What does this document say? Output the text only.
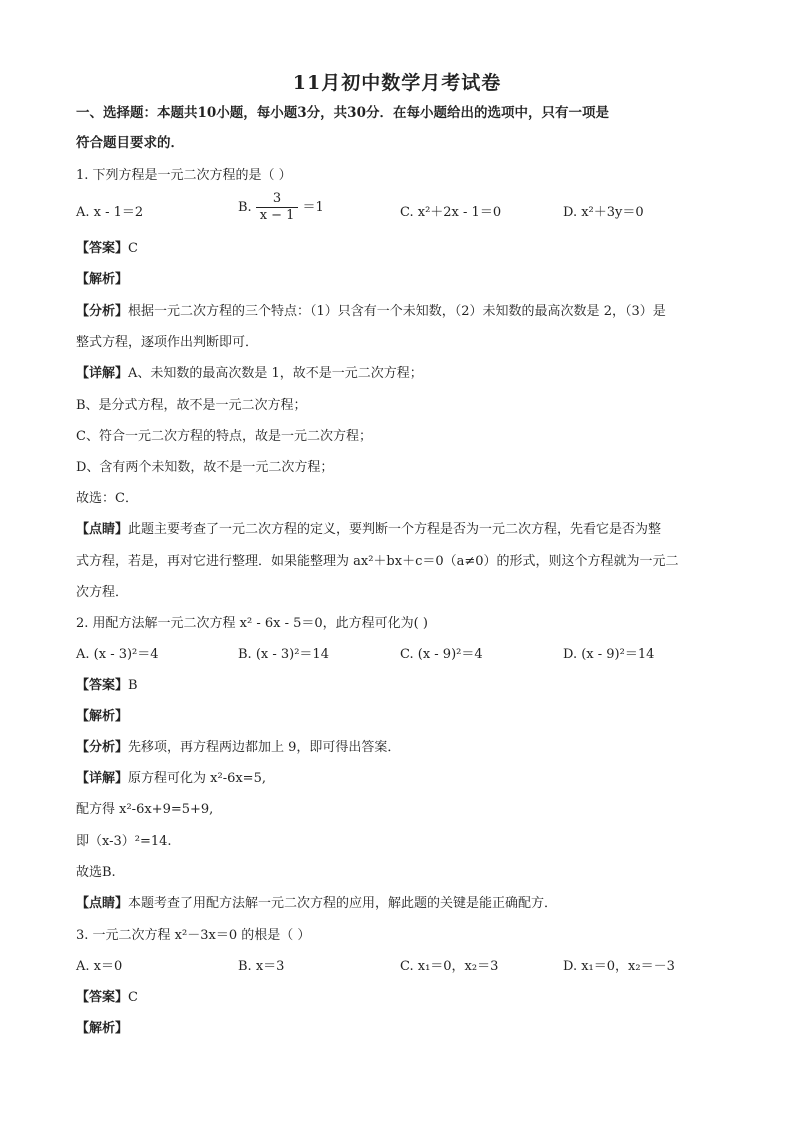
11月初中数学月考试卷
一、选择题：本题共10小题，每小题3分，共30分．在每小题给出的选项中，只有一项是
符合题目要求的．
1. 下列方程是一元二次方程的是（ ）
A. x - 1＝2	B. $\frac{3}{x - 1} =1$	C. x²＋2x - 1＝0	D. x²＋3y＝0
【答案】C
【解析】
【分析】根据一元二次方程的三个特点：（1）只含有一个未知数，（2）未知数的最高次数是 2，（3）是
整式方程，逐项作出判断即可．
【详解】A、未知数的最高次数是 1，故不是一元二次方程；
B、是分式方程，故不是一元二次方程；
C、符合一元二次方程的特点，故是一元二次方程；
D、含有两个未知数，故不是一元二次方程；
故选：C．
【点睛】此题主要考查了一元二次方程的定义，要判断一个方程是否为一元二次方程，先看它是否为整
式方程，若是，再对它进行整理．如果能整理为 ax²＋bx＋c＝0（a≠0）的形式，则这个方程就为一元二
次方程．
2. 用配方法解一元二次方程 x² - 6x - 5＝0，此方程可化为( )
A. (x - 3)²＝4	B. (x - 3)²＝14	C. (x - 9)²＝4	D. (x - 9)²＝14
【答案】B
【解析】
【分析】先移项，再方程两边都加上 9，即可得出答案．
【详解】原方程可化为 x²-6x=5,
配方得 x²-6x+9=5+9,
即（x-3）²=14.
故选B.
【点睛】本题考查了用配方法解一元二次方程的应用，解此题的关键是能正确配方．
3. 一元二次方程 x²－3x＝0 的根是（ ）
A. x＝0	B. x＝3	C. x₁＝0，x₂＝3	D. x₁＝0，x₂＝－3
【答案】C
【解析】
